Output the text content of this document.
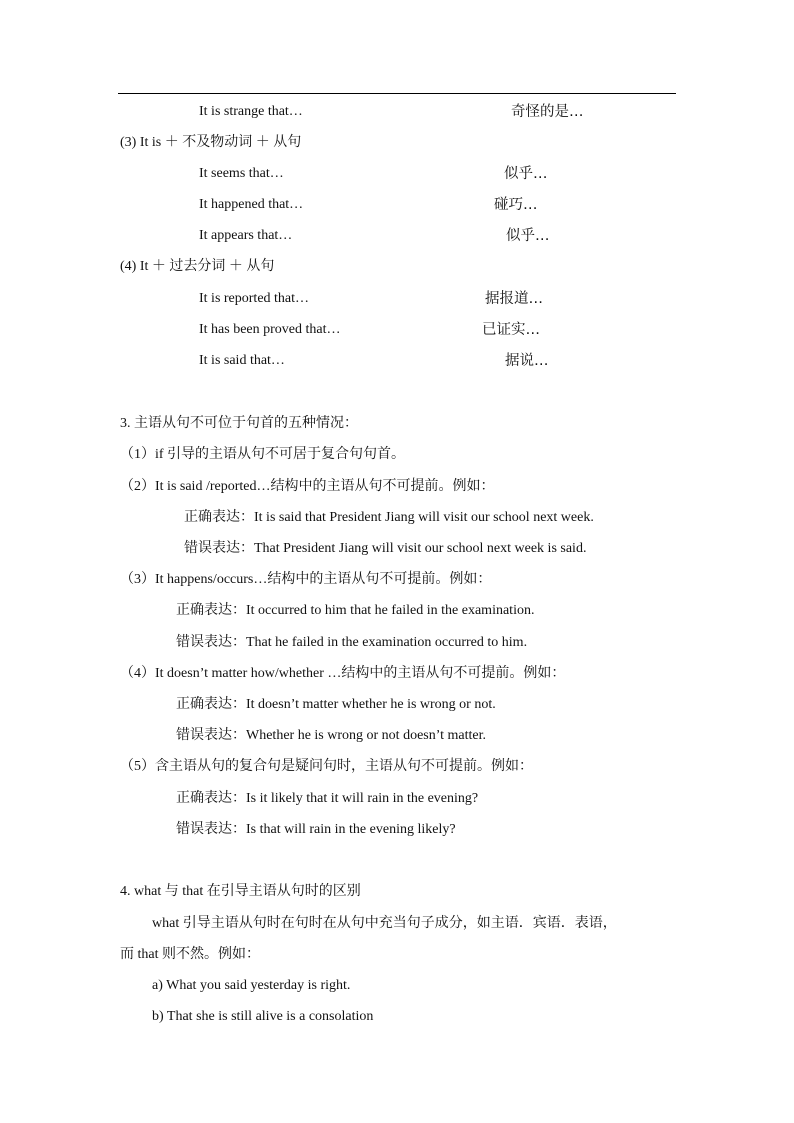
It is strange that…	奇怪的是…
(3) It is ＋ 不及物动词 ＋ 从句
It seems that…	似乎…
It happened that…	碰巧…
It appears that…	似乎…
(4) It ＋ 过去分词 ＋ 从句
It is reported that…	据报道…
It has been proved that…	已证实…
It is said that…	据说…
3. 主语从句不可位于句首的五种情况：
（1）if 引导的主语从句不可居于复合句句首。
（2）It is said /reported…结构中的主语从句不可提前。例如：
正确表达：It is said that President Jiang will visit our school next week.
错误表达：That President Jiang will visit our school next week is said.
（3）It happens/occurs…结构中的主语从句不可提前。例如：
正确表达：It occurred to him that he failed in the examination.
错误表达：That he failed in the examination occurred to him.
（4）It doesn’t matter how/whether …结构中的主语从句不可提前。例如：
正确表达：It doesn’t matter whether he is wrong or not.
错误表达：Whether he is wrong or not doesn’t matter.
（5）含主语从句的复合句是疑问句时，主语从句不可提前。例如：
正确表达：Is it likely that it will rain in the evening?
错误表达：Is that will rain in the evening likely?
4. what 与 that 在引导主语从句时的区别
what 引导主语从句时在句时在从句中充当句子成分，如主语．宾语．表语，
而 that 则不然。例如：
a) What you said yesterday is right.
b) That she is still alive is a consolation
